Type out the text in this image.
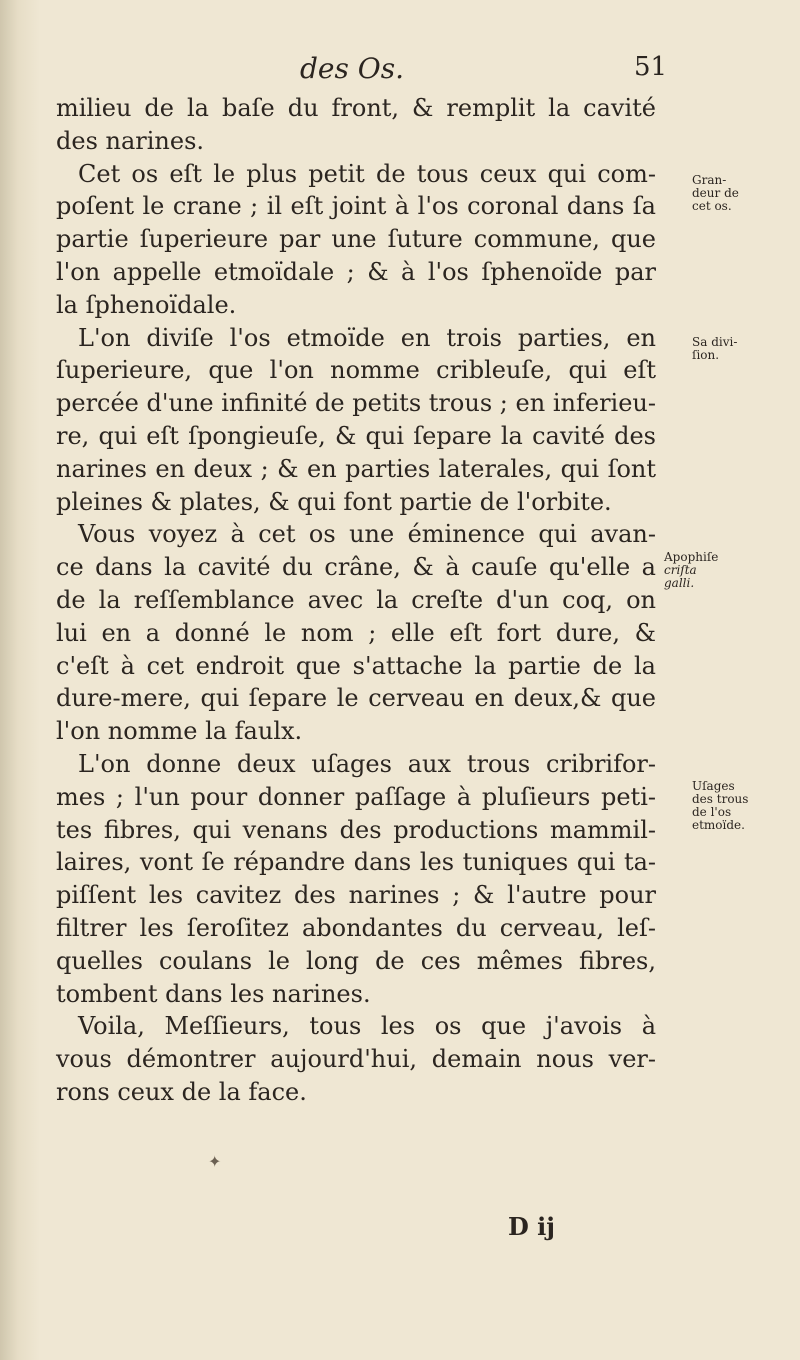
des Os.	51
milieu de la baſe du front, & remplit la cavité
des narines.
Cet os eſt le plus petit de tous ceux qui com-
poſent le crane ; il eſt joint à l'os coronal dans ſa
partie ſuperieure par une ſuture commune, que
l'on appelle etmoïdale ; & à l'os ſphenoïde par
la ſphenoïdale.
L'on diviſe l'os etmoïde en trois parties, en
ſuperieure, que l'on nomme cribleuſe, qui eſt
percée d'une infinité de petits trous ; en inferieu-
re, qui eſt ſpongieuſe, & qui ſepare la cavité des
narines en deux ; & en parties laterales, qui ſont
pleines & plates, & qui font partie de l'orbite.
Vous voyez à cet os une éminence qui avan-
ce dans la cavité du crâne, & à cauſe qu'elle a
de la reſſemblance avec la creſte d'un coq, on
lui en a donné le nom ; elle eſt fort dure, &
c'eſt à cet endroit que s'attache la partie de la
dure-mere, qui ſepare le cerveau en deux,& que
l'on nomme la faulx.
L'on donne deux uſages aux trous cribrifor-
mes ; l'un pour donner paſſage à pluſieurs peti-
tes fibres, qui venans des productions mammil-
laires, vont ſe répandre dans les tuniques qui ta-
piſſent les cavitez des narines ; & l'autre pour
filtrer les ſeroſitez abondantes du cerveau, leſ-
quelles coulans le long de ces mêmes fibres,
tombent dans les narines.
Voila, Meſſieurs, tous les os que j'avois à
vous démontrer aujourd'hui, demain nous ver-
rons ceux de la face.
Gran-
deur de
cet os.
Sa divi-
ſion.
Apophiſe
criſta
galli.
Uſages
des trous
de l'os
etmoïde.
✦
D ij
